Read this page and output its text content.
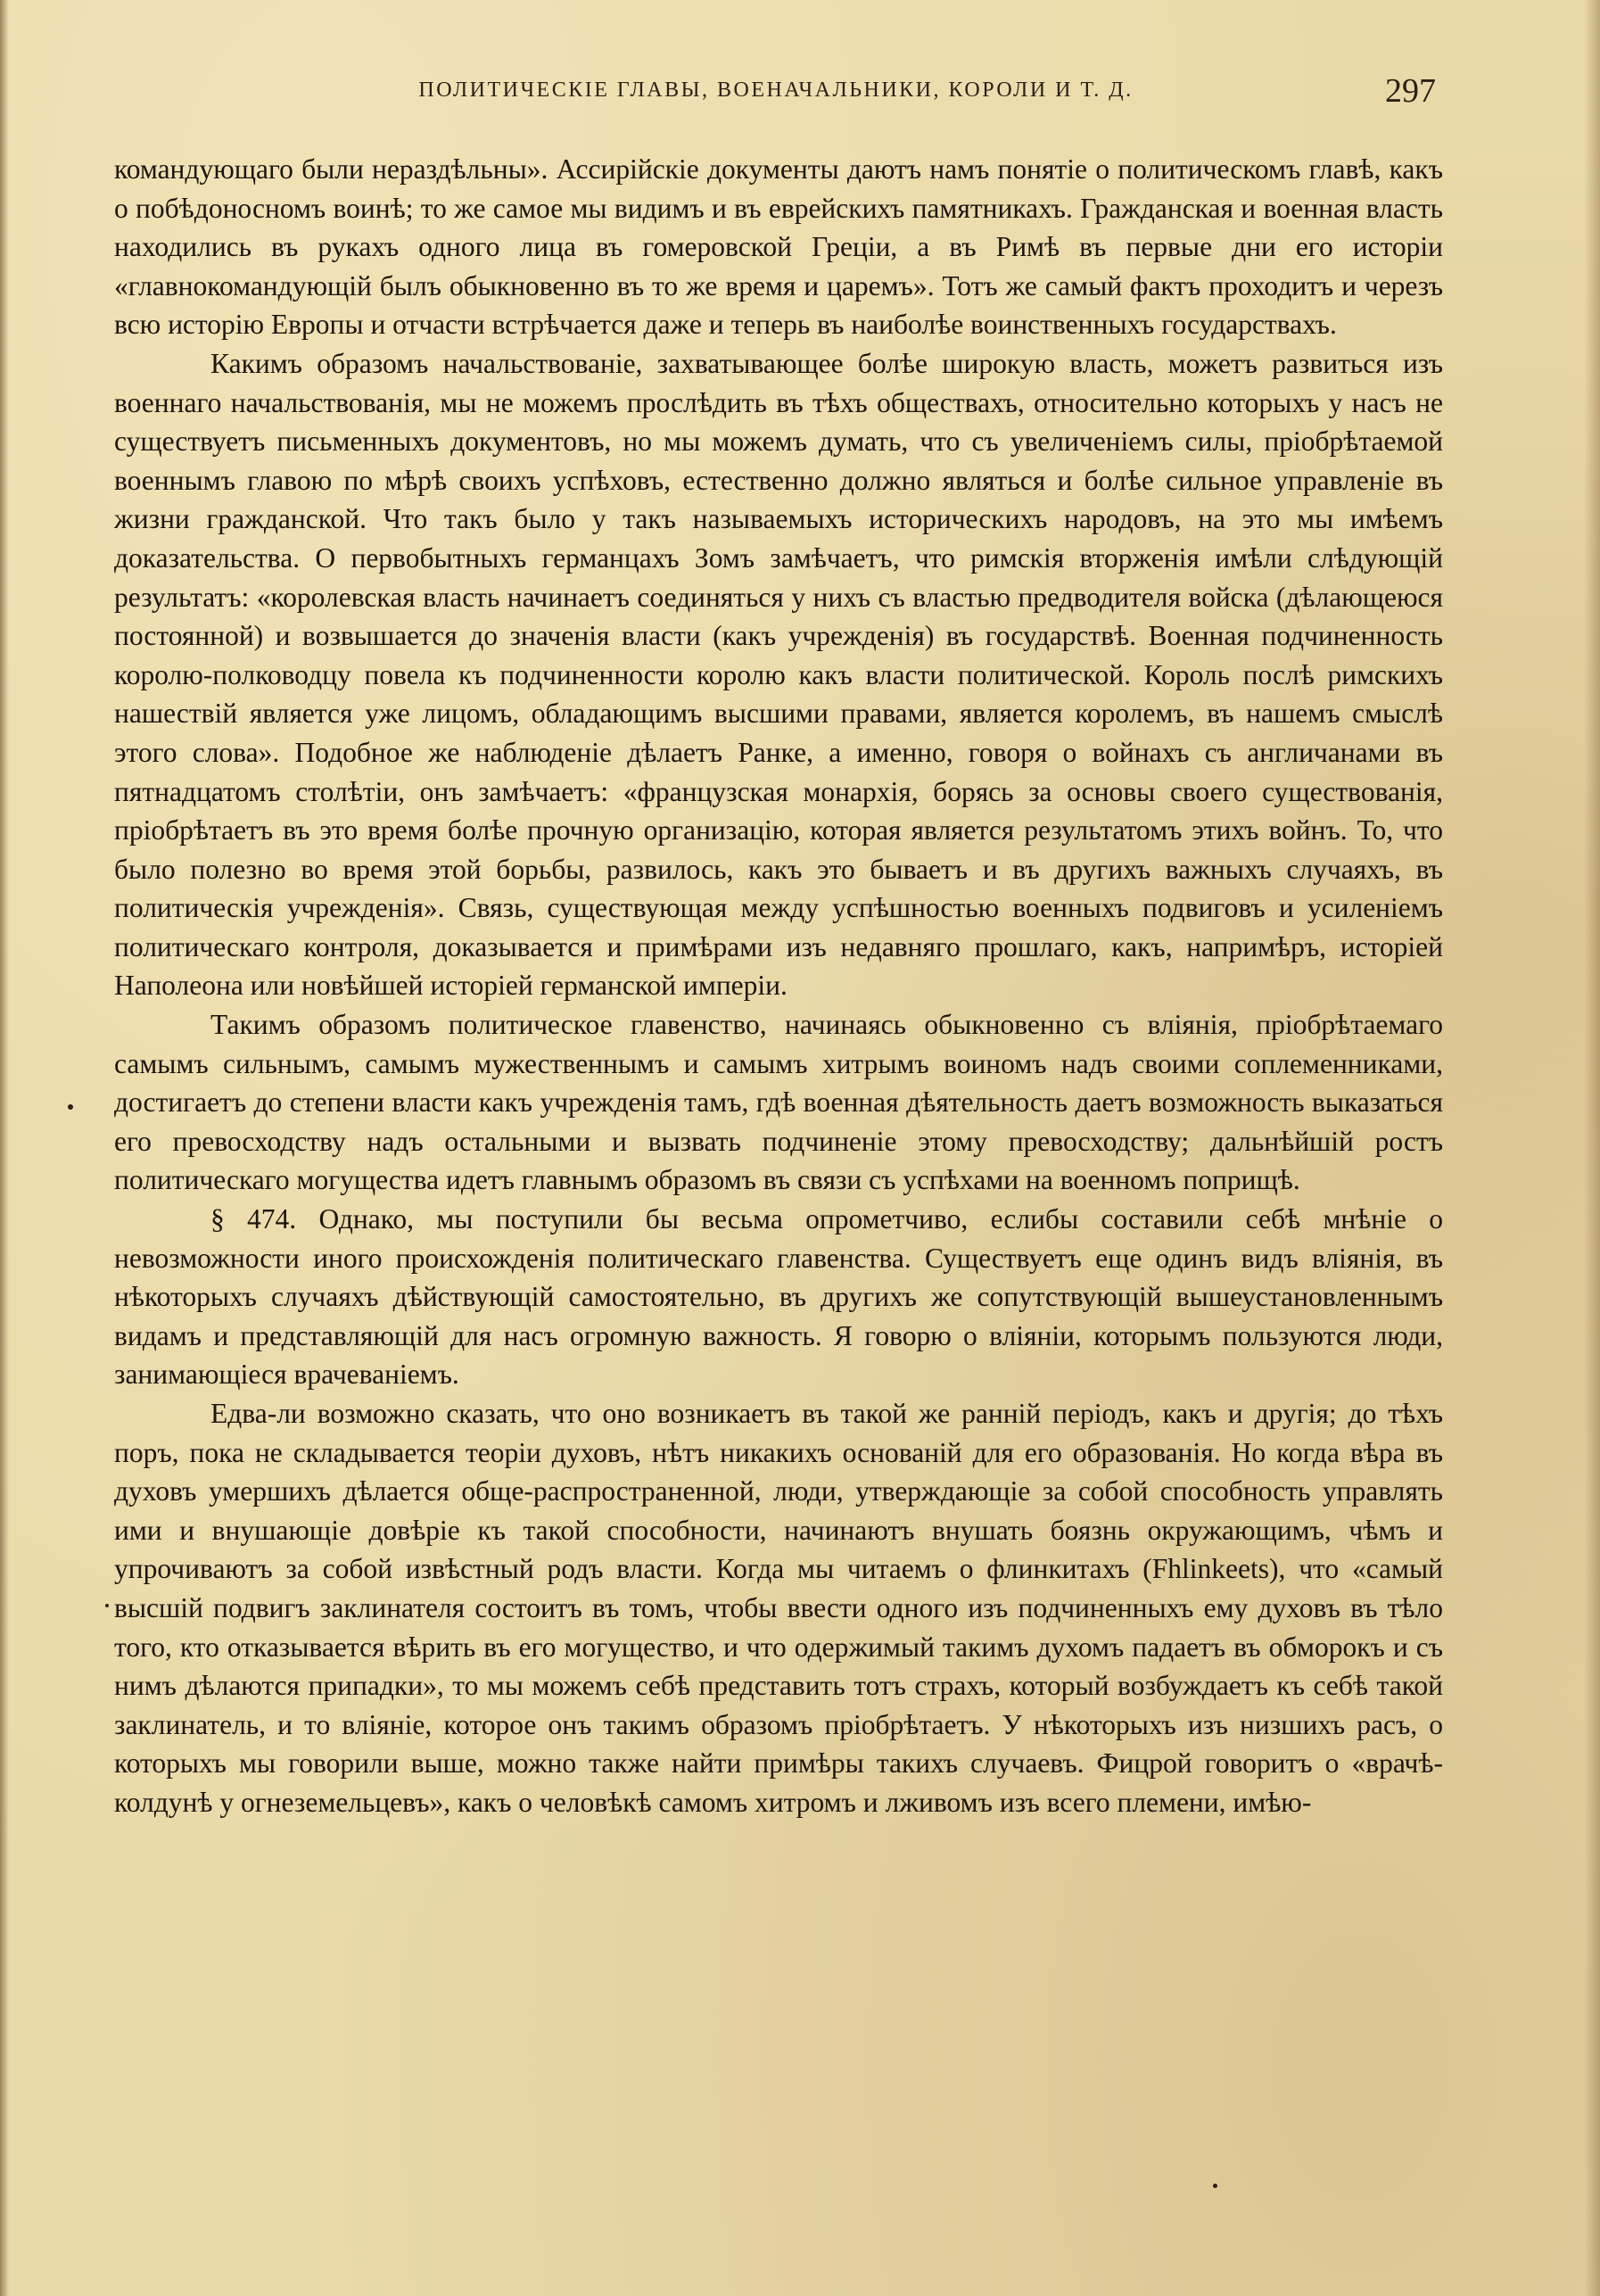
ПОЛИТИЧЕСКІЕ ГЛАВЫ, ВОЕНАЧАЛЬНИКИ, КОРОЛИ И Т. Д.	297

командующаго были нераздѣльны». Ассирійскіе документы даютъ намъ понятіе о политическомъ главѣ, какъ о побѣдоносномъ воинѣ; то же самое мы видимъ и въ еврейскихъ памятникахъ. Гражданская и военная власть находились въ рукахъ одного лица въ гомеровской Греціи, а въ Римѣ въ первые дни его исторіи «главнокомандующій былъ обыкновенно въ то же время и царемъ». Тотъ же самый фактъ проходитъ и черезъ всю исторію Европы и отчасти встрѣчается даже и теперь въ наиболѣе воинственныхъ государствахъ.

Какимъ образомъ начальствованіе, захватывающее болѣе широкую власть, можетъ развиться изъ военнаго начальствованія, мы не можемъ прослѣдить въ тѣхъ обществахъ, относительно которыхъ у насъ не существуетъ письменныхъ документовъ, но мы можемъ думать, что съ увеличеніемъ силы, пріобрѣтаемой военнымъ главою по мѣрѣ своихъ успѣховъ, естественно должно являться и болѣе сильное управленіе въ жизни гражданской. Что такъ было у такъ называемыхъ историческихъ народовъ, на это мы имѣемъ доказательства. О первобытныхъ германцахъ Зомъ замѣчаетъ, что римскія вторженія имѣли слѣдующій результатъ: «королевская власть начинаетъ соединяться у нихъ съ властью предводителя войска (дѣлающеюся постоянной) и возвышается до значенія власти (какъ учрежденія) въ государствѣ. Военная подчиненность королю-полководцу повела къ подчиненности королю какъ власти политической. Король послѣ римскихъ нашествій является уже лицомъ, обладающимъ высшими правами, является королемъ, въ нашемъ смыслѣ этого слова». Подобное же наблюденіе дѣлаетъ Ранке, а именно, говоря о войнахъ съ англичанами въ пятнадцатомъ столѣтіи, онъ замѣчаетъ: «французская монархія, борясь за основы своего существованія, пріобрѣтаетъ въ это время болѣе прочную организацію, которая является результатомъ этихъ войнъ. То, что было полезно во время этой борьбы, развилось, какъ это бываетъ и въ другихъ важныхъ случаяхъ, въ политическія учрежденія». Связь, существующая между успѣшностью военныхъ подвиговъ и усиленіемъ политическаго контроля, доказывается и примѣрами изъ недавняго прошлаго, какъ, напримѣръ, исторіей Наполеона или новѣйшей исторіей германской имперіи.

Такимъ образомъ политическое главенство, начинаясь обыкновенно съ вліянія, пріобрѣтаемаго самымъ сильнымъ, самымъ мужественнымъ и самымъ хитрымъ воиномъ надъ своими соплеменниками, достигаетъ до степени власти какъ учрежденія тамъ, гдѣ военная дѣятельность даетъ возможность выказаться его превосходству надъ остальными и вызвать подчиненіе этому превосходству; дальнѣйшій ростъ политическаго могущества идетъ главнымъ образомъ въ связи съ успѣхами на военномъ поприщѣ.

§ 474. Однако, мы поступили бы весьма опрометчиво, еслибы составили себѣ мнѣніе о невозможности иного происхожденія политическаго главенства. Существуетъ еще одинъ видъ вліянія, въ нѣкоторыхъ случаяхъ дѣйствующій самостоятельно, въ другихъ же сопутствующій вышеустановленнымъ видамъ и представляющій для насъ огромную важность. Я говорю о вліяніи, которымъ пользуются люди, занимающіеся врачеваніемъ.

Едва-ли возможно сказать, что оно возникаетъ въ такой же ранній періодъ, какъ и другія; до тѣхъ поръ, пока не складывается теоріи духовъ, нѣтъ никакихъ основаній для его образованія. Но когда вѣра въ духовъ умершихъ дѣлается обще-распространенной, люди, утверждающіе за собой способность управлять ими и внушающіе довѣріе къ такой способности, начинаютъ внушать боязнь окружающимъ, чѣмъ и упрочиваютъ за собой извѣстный родъ власти. Когда мы читаемъ о флинкитахъ (Fhlinkeets), что «самый высшій подвигъ заклинателя состоитъ въ томъ, чтобы ввести одного изъ подчиненныхъ ему духовъ въ тѣло того, кто отказывается вѣрить въ его могущество, и что одержимый такимъ духомъ падаетъ въ обморокъ и съ нимъ дѣлаются припадки», то мы можемъ себѣ представить тотъ страхъ, который возбуждаетъ къ себѣ такой заклинатель, и то вліяніе, которое онъ такимъ образомъ пріобрѣтаетъ. У нѣкоторыхъ изъ низшихъ расъ, о которыхъ мы говорили выше, можно также найти примѣры такихъ случаевъ. Фицрой говоритъ о «врачѣ-колдунѣ у огнеземельцевъ», какъ о человѣкѣ самомъ хитромъ и лживомъ изъ всего племени, имѣю-
